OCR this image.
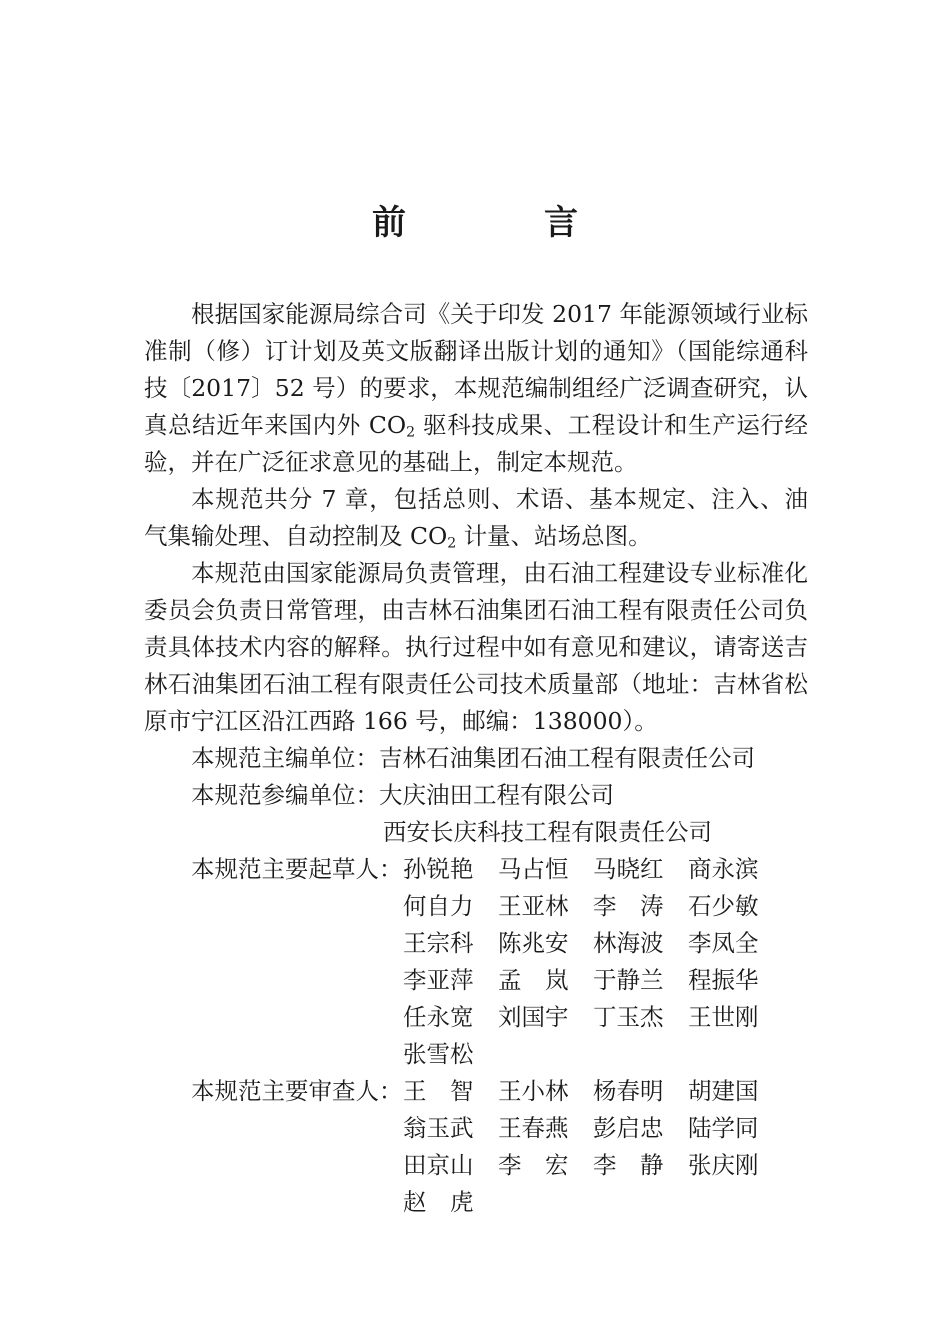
前　言

根据国家能源局综合司《关于印发 2017 年能源领域行业标准制（修）订计划及英文版翻译出版计划的通知》（国能综通科技〔2017〕52 号）的要求，本规范编制组经广泛调查研究，认真总结近年来国内外 $CO_2$ 驱科技成果、工程设计和生产运行经验，并在广泛征求意见的基础上，制定本规范。

本规范共分 7 章，包括总则、术语、基本规定、注入、油气集输处理、自动控制及 $CO_2$ 计量、站场总图。

本规范由国家能源局负责管理，由石油工程建设专业标准化委员会负责日常管理，由吉林石油集团石油工程有限责任公司负责具体技术内容的解释。执行过程中如有意见和建议，请寄送吉林石油集团石油工程有限责任公司技术质量部（地址：吉林省松原市宁江区沿江西路 166 号，邮编：138000）。

本规范主编单位： 吉林石油集团石油工程有限责任公司
本规范参编单位： 大庆油田工程有限公司
西安长庆科技工程有限责任公司
本规范主要起草人： 孙锐艳	马占恒	马晓红	商永滨
何自力	王亚林	李　涛	石少敏
王宗科	陈兆安	林海波	李凤全
李亚萍	孟　岚	于静兰	程振华
任永宽	刘国宇	丁玉杰	王世刚
张雪松
本规范主要审查人： 王　智	王小林	杨春明	胡建国
翁玉武	王春燕	彭启忠	陆学同
田京山	李　宏	李　静	张庆刚
赵　虎
